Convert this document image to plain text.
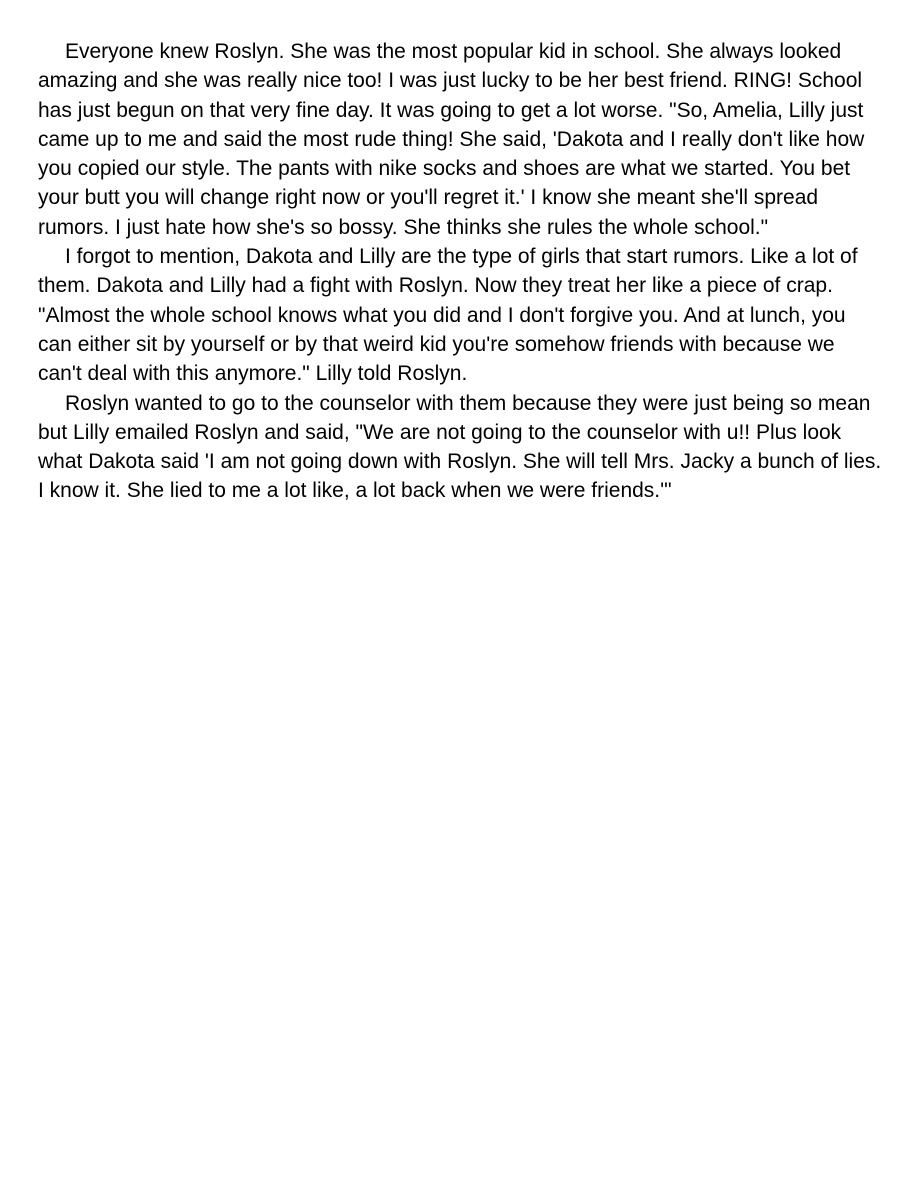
Everyone knew Roslyn. She was the most popular kid in school. She always looked amazing and she was really nice too! I was just lucky to be her best friend. RING! School has just begun on that very fine day. It was going to get a lot worse. "So, Amelia, Lilly just came up to me and said the most rude thing! She said, 'Dakota and I really don't like how you copied our style. The pants with nike socks and shoes are what we started. You bet your butt you will change right now or you'll regret it.' I know she meant she'll spread rumors. I just hate how she's so bossy. She thinks she rules the whole school."

I forgot to mention, Dakota and Lilly are the type of girls that start rumors. Like a lot of them. Dakota and Lilly had a fight with Roslyn. Now they treat her like a piece of crap. "Almost the whole school knows what you did and I don't forgive you. And at lunch, you can either sit by yourself or by that weird kid you're somehow friends with because we can't deal with this anymore." Lilly told Roslyn.

Roslyn wanted to go to the counselor with them because they were just being so mean but Lilly emailed Roslyn and said, "We are not going to the counselor with u!! Plus look what Dakota said 'I am not going down with Roslyn. She will tell Mrs. Jacky a bunch of lies. I know it. She lied to me a lot like, a lot back when we were friends.'"
